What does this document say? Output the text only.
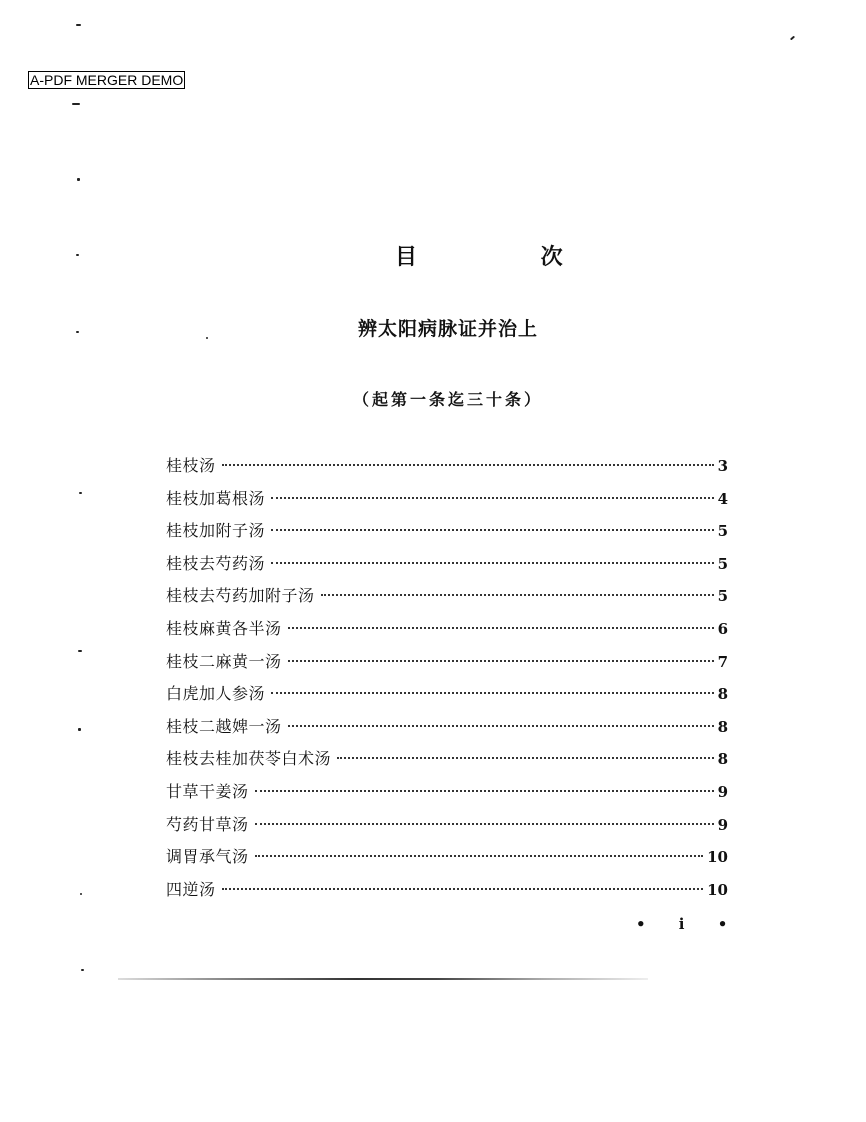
A-PDF MERGER DEMO
目 次
辨太阳病脉证并治上
（起第一条迄三十条）
桂枝汤	3
桂枝加葛根汤	4
桂枝加附子汤	5
桂枝去芍药汤	5
桂枝去芍药加附子汤	5
桂枝麻黄各半汤	6
桂枝二麻黄一汤	7
白虎加人参汤	8
桂枝二越婢一汤	8
桂枝去桂加茯苓白术汤	8
甘草干姜汤	9
芍药甘草汤	9
调胃承气汤	10
四逆汤	10
• i •
